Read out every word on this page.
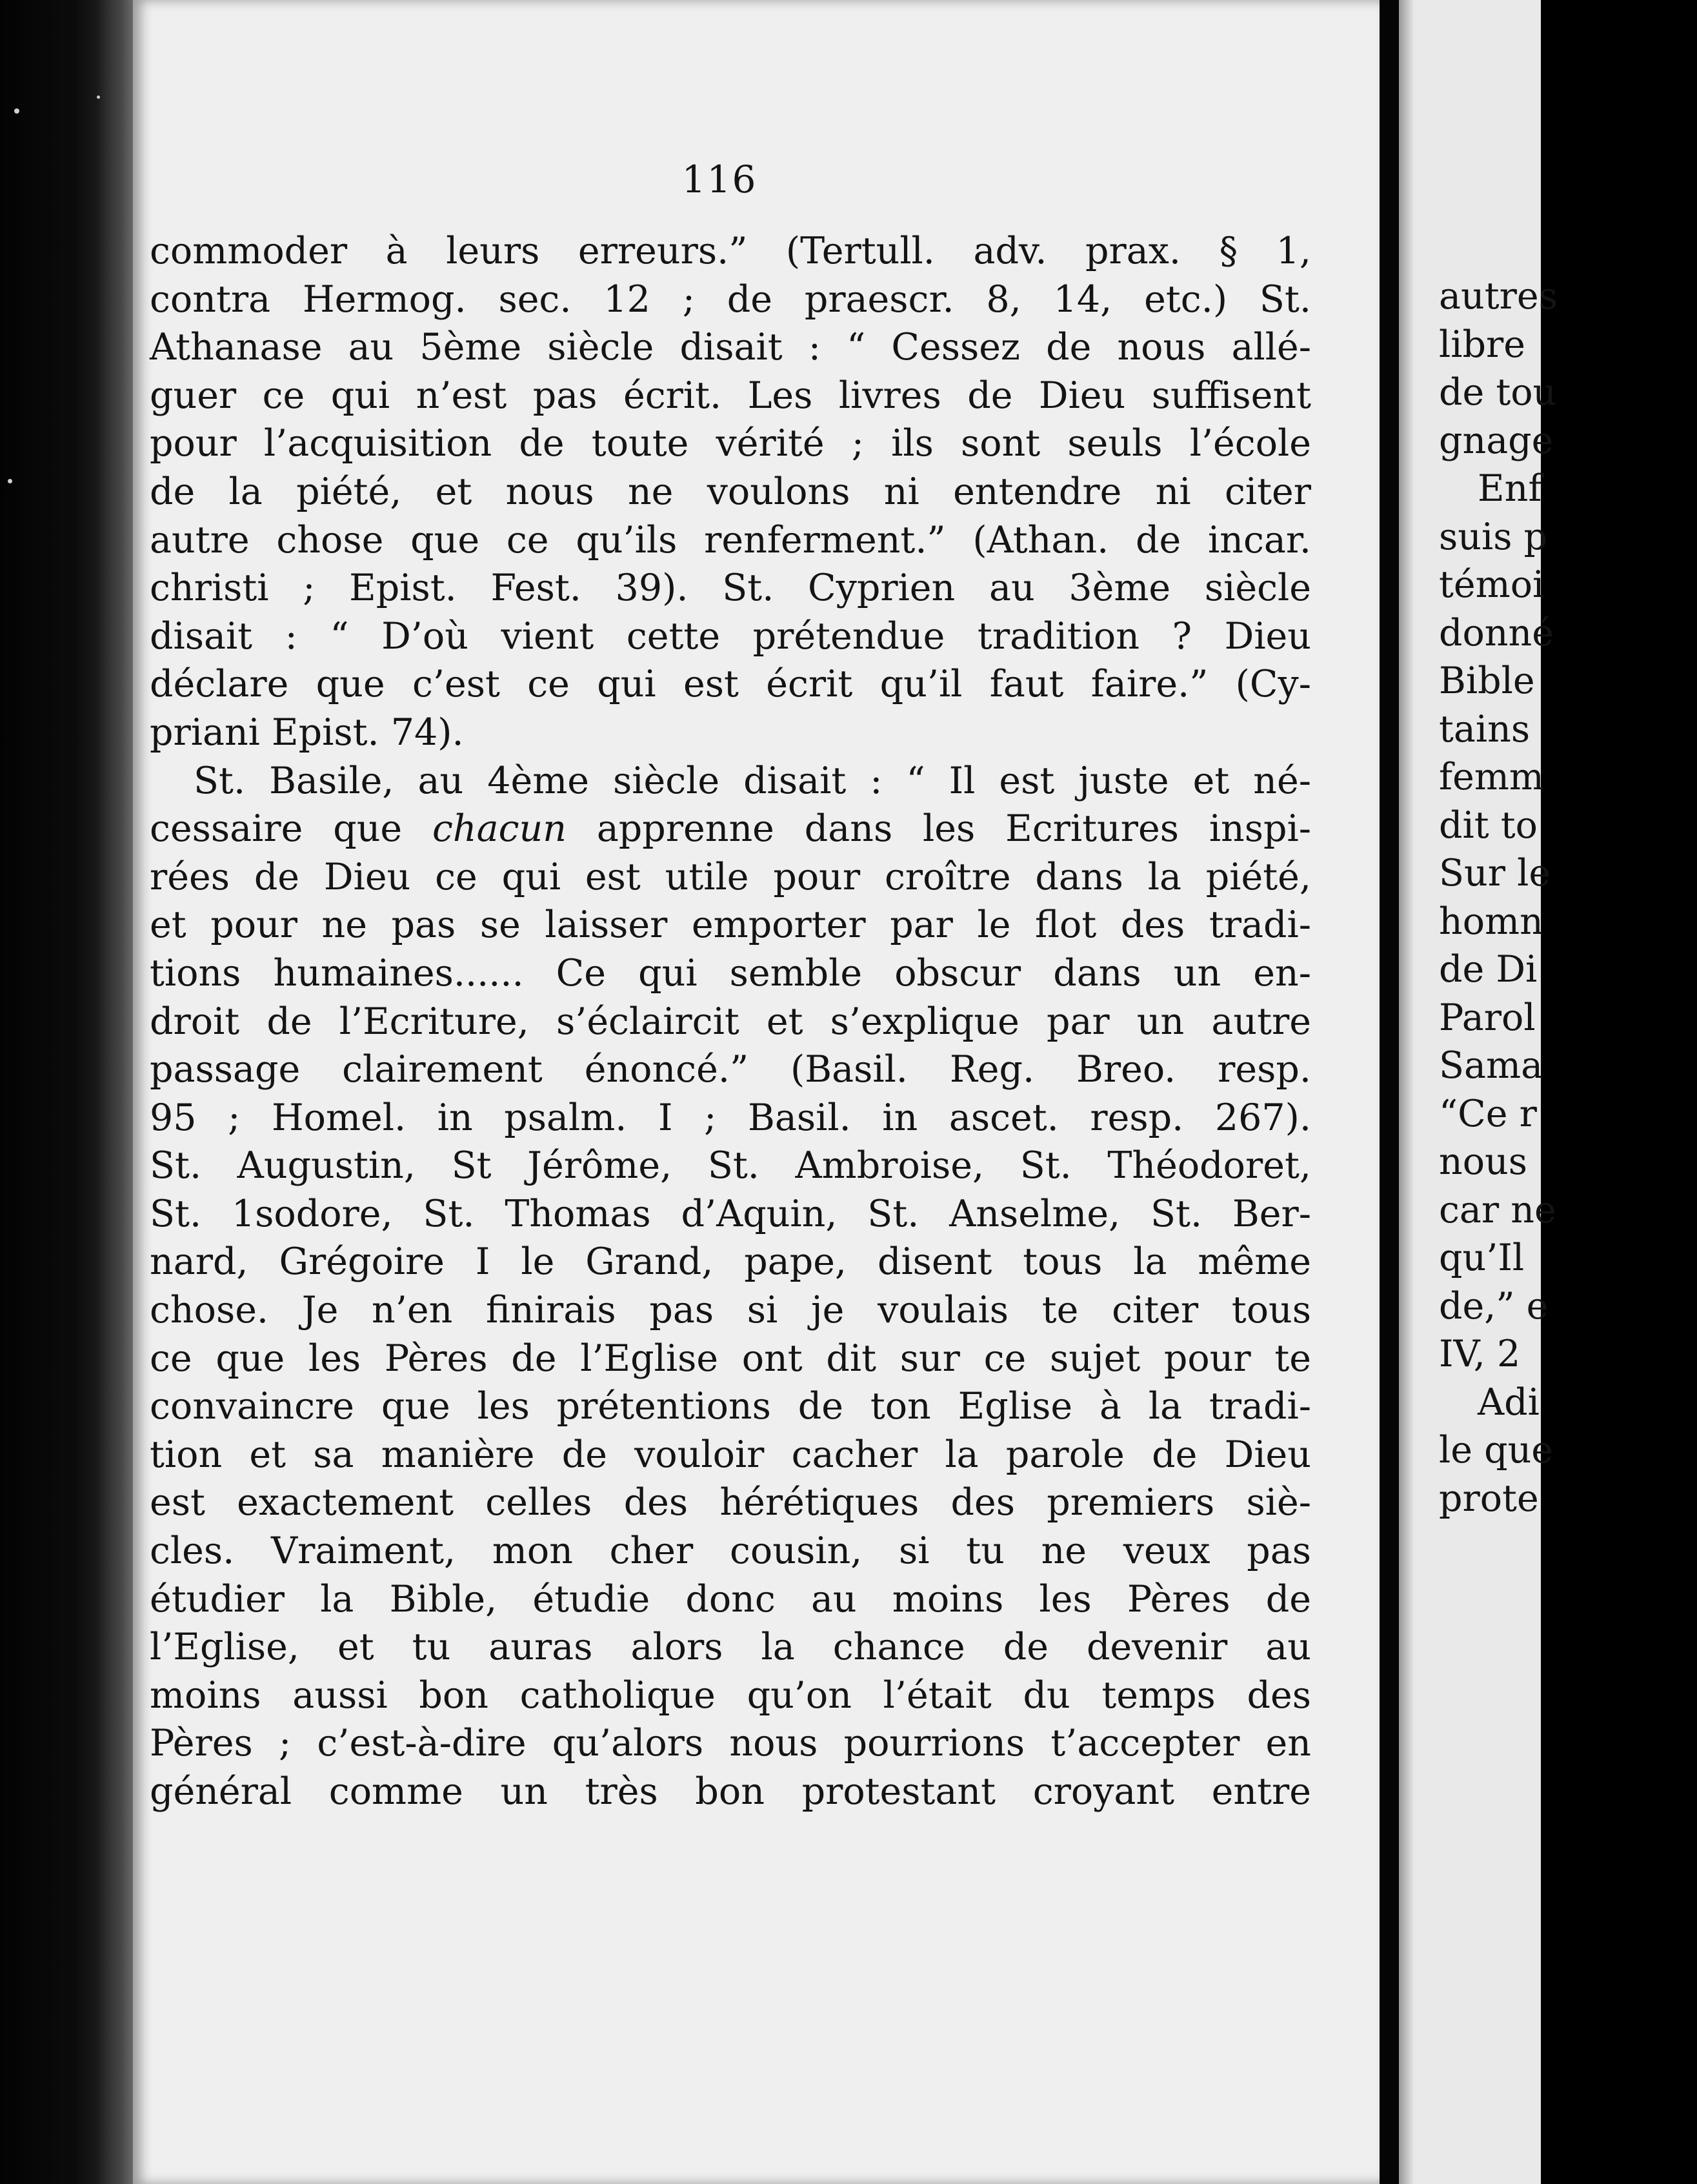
116
commoder à leurs erreurs.” (Tertull. adv. prax. § 1,
contra Hermog. sec. 12 ; de praescr. 8, 14, etc.) St.
Athanase au 5ème siècle disait : “ Cessez de nous allé-
guer ce qui n’est pas écrit. Les livres de Dieu suffisent
pour l’acquisition de toute vérité ; ils sont seuls l’école
de la piété, et nous ne voulons ni entendre ni citer
autre chose que ce qu’ils renferment.” (Athan. de incar.
christi ; Epist. Fest. 39). St. Cyprien au 3ème siècle
disait : “ D’où vient cette prétendue tradition ? Dieu
déclare que c’est ce qui est écrit qu’il faut faire.” (Cy-
priani Epist. 74).
St. Basile, au 4ème siècle disait : “ Il est juste et né-
cessaire que chacun apprenne dans les Ecritures inspi-
rées de Dieu ce qui est utile pour croître dans la piété,
et pour ne pas se laisser emporter par le flot des tradi-
tions humaines...... Ce qui semble obscur dans un en-
droit de l’Ecriture, s’éclaircit et s’explique par un autre
passage clairement énoncé.” (Basil. Reg. Breo. resp.
95 ; Homel. in psalm. I ; Basil. in ascet. resp. 267).
St. Augustin, St Jérôme, St. Ambroise, St. Théodoret,
St. 1sodore, St. Thomas d’Aquin, St. Anselme, St. Ber-
nard, Grégoire I le Grand, pape, disent tous la même
chose. Je n’en finirais pas si je voulais te citer tous
ce que les Pères de l’Eglise ont dit sur ce sujet pour te
convaincre que les prétentions de ton Eglise à la tradi-
tion et sa manière de vouloir cacher la parole de Dieu
est exactement celles des hérétiques des premiers siè-
cles. Vraiment, mon cher cousin, si tu ne veux pas
étudier la Bible, étudie donc au moins les Pères de
l’Eglise, et tu auras alors la chance de devenir au
moins aussi bon catholique qu’on l’était du temps des
Pères ; c’est-à-dire qu’alors nous pourrions t’accepter en
général comme un très bon protestant croyant entre
autres
libre
de tou
gnage
Enf
suis p
témoi
donné
Bible
tains
femm
dit to
Sur le
homn
de Di
Parol
Sama
“Ce r
nous
car ne
qu’Il
de,” e
IV, 2
Adi
le que
prote
